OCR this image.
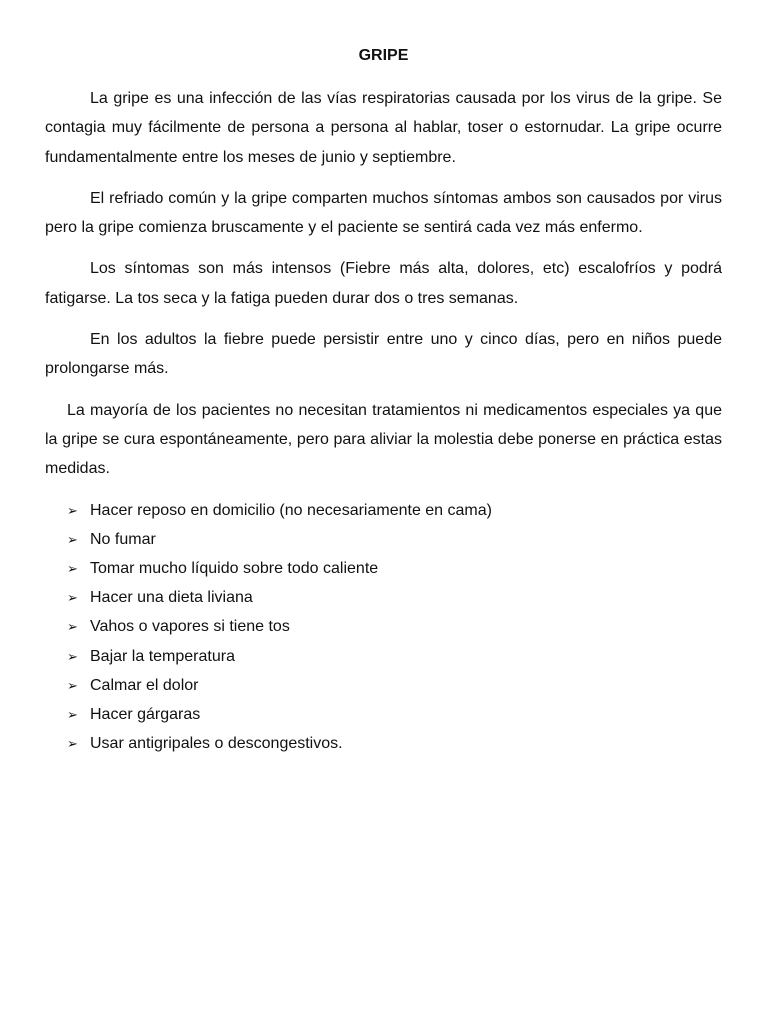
GRIPE

La gripe es una infección de las vías respiratorias causada por los virus de la gripe. Se contagia muy fácilmente de persona a persona al hablar, toser o estornudar. La gripe ocurre fundamentalmente entre los meses de junio y septiembre.

El refriado común y la gripe comparten muchos síntomas ambos son causados por virus pero la gripe comienza bruscamente y el paciente se sentirá cada vez más enfermo.

Los síntomas son más intensos (Fiebre más alta, dolores, etc) escalofríos y podrá fatigarse. La tos seca y la fatiga pueden durar dos o tres semanas.

En los adultos la fiebre puede persistir entre uno y cinco días, pero en niños puede prolongarse más.

La mayoría de los pacientes no necesitan tratamientos ni medicamentos especiales ya que la gripe se cura espontáneamente, pero para aliviar la molestia debe ponerse en práctica estas medidas.

➢ Hacer reposo en domicilio (no necesariamente en cama)
➢ No fumar
➢ Tomar mucho líquido sobre todo caliente
➢ Hacer una dieta liviana
➢ Vahos o vapores si tiene tos
➢ Bajar la temperatura
➢ Calmar el dolor
➢ Hacer gárgaras
➢ Usar antigripales o descongestivos.
